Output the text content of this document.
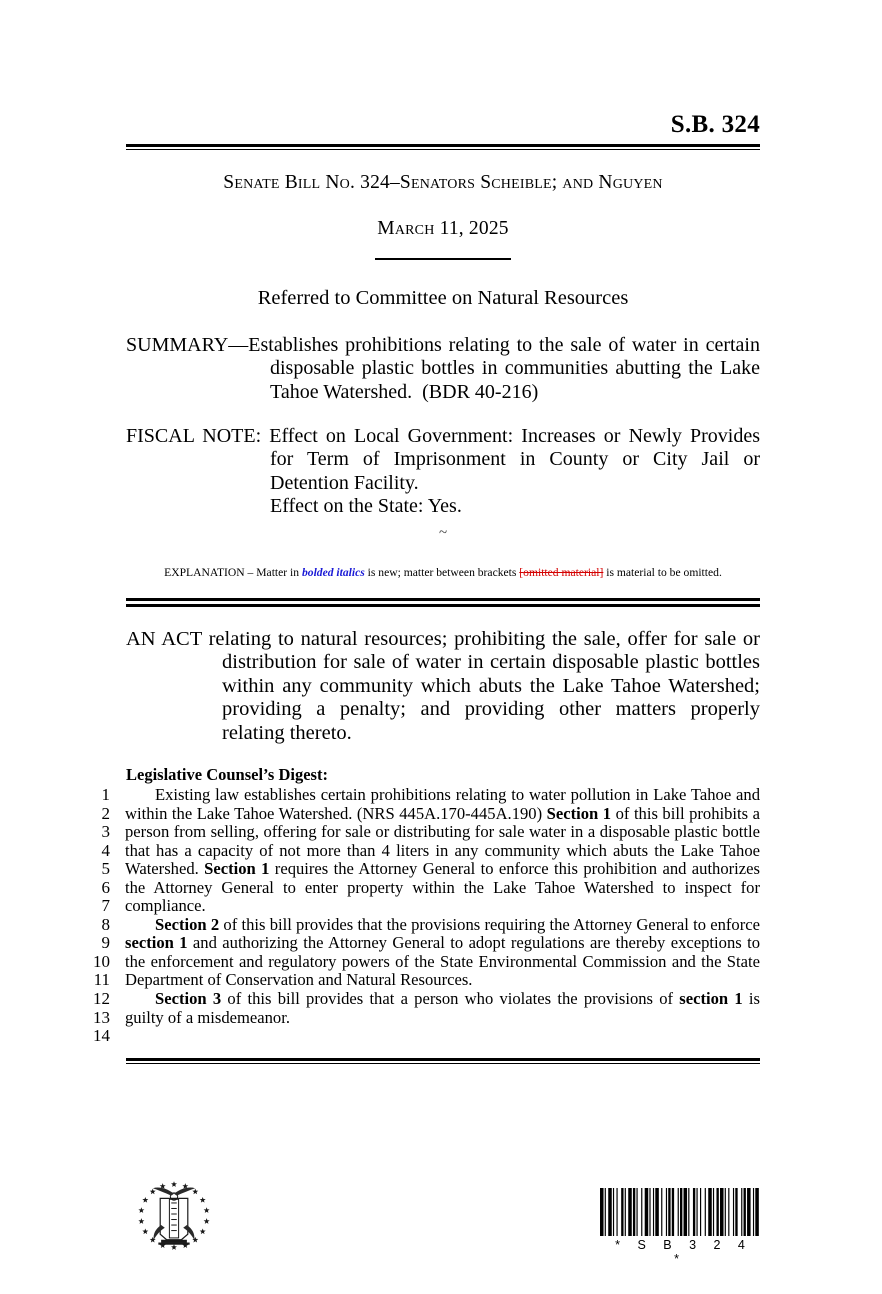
S.B. 324
Senate Bill No. 324–Senators Scheible; and Nguyen
March 11, 2025
Referred to Committee on Natural Resources
SUMMARY—Establishes prohibitions relating to the sale of water in certain disposable plastic bottles in communities abutting the Lake Tahoe Watershed. (BDR 40-216)
FISCAL NOTE: Effect on Local Government: Increases or Newly Provides for Term of Imprisonment in County or City Jail or Detention Facility.
Effect on the State: Yes.
~
EXPLANATION – Matter in bolded italics is new; matter between brackets [omitted material] is material to be omitted.
AN ACT relating to natural resources; prohibiting the sale, offer for sale or distribution for sale of water in certain disposable plastic bottles within any community which abuts the Lake Tahoe Watershed; providing a penalty; and providing other matters properly relating thereto.
Legislative Counsel’s Digest:
1
2
3
4
5
6
7
8
9
10
11
12
13
14

Existing law establishes certain prohibitions relating to water pollution in Lake Tahoe and within the Lake Tahoe Watershed. (NRS 445A.170-445A.190) Section 1 of this bill prohibits a person from selling, offering for sale or distributing for sale water in a disposable plastic bottle that has a capacity of not more than 4 liters in any community which abuts the Lake Tahoe Watershed. Section 1 requires the Attorney General to enforce this prohibition and authorizes the Attorney General to enter property within the Lake Tahoe Watershed to inspect for compliance.

Section 2 of this bill provides that the provisions requiring the Attorney General to enforce section 1 and authorizing the Attorney General to adopt regulations are thereby exceptions to the enforcement and regulatory powers of the State Environmental Commission and the State Department of Conservation and Natural Resources.

Section 3 of this bill provides that a person who violates the provisions of section 1 is guilty of a misdemeanor.

* S B 3 2 4 *
